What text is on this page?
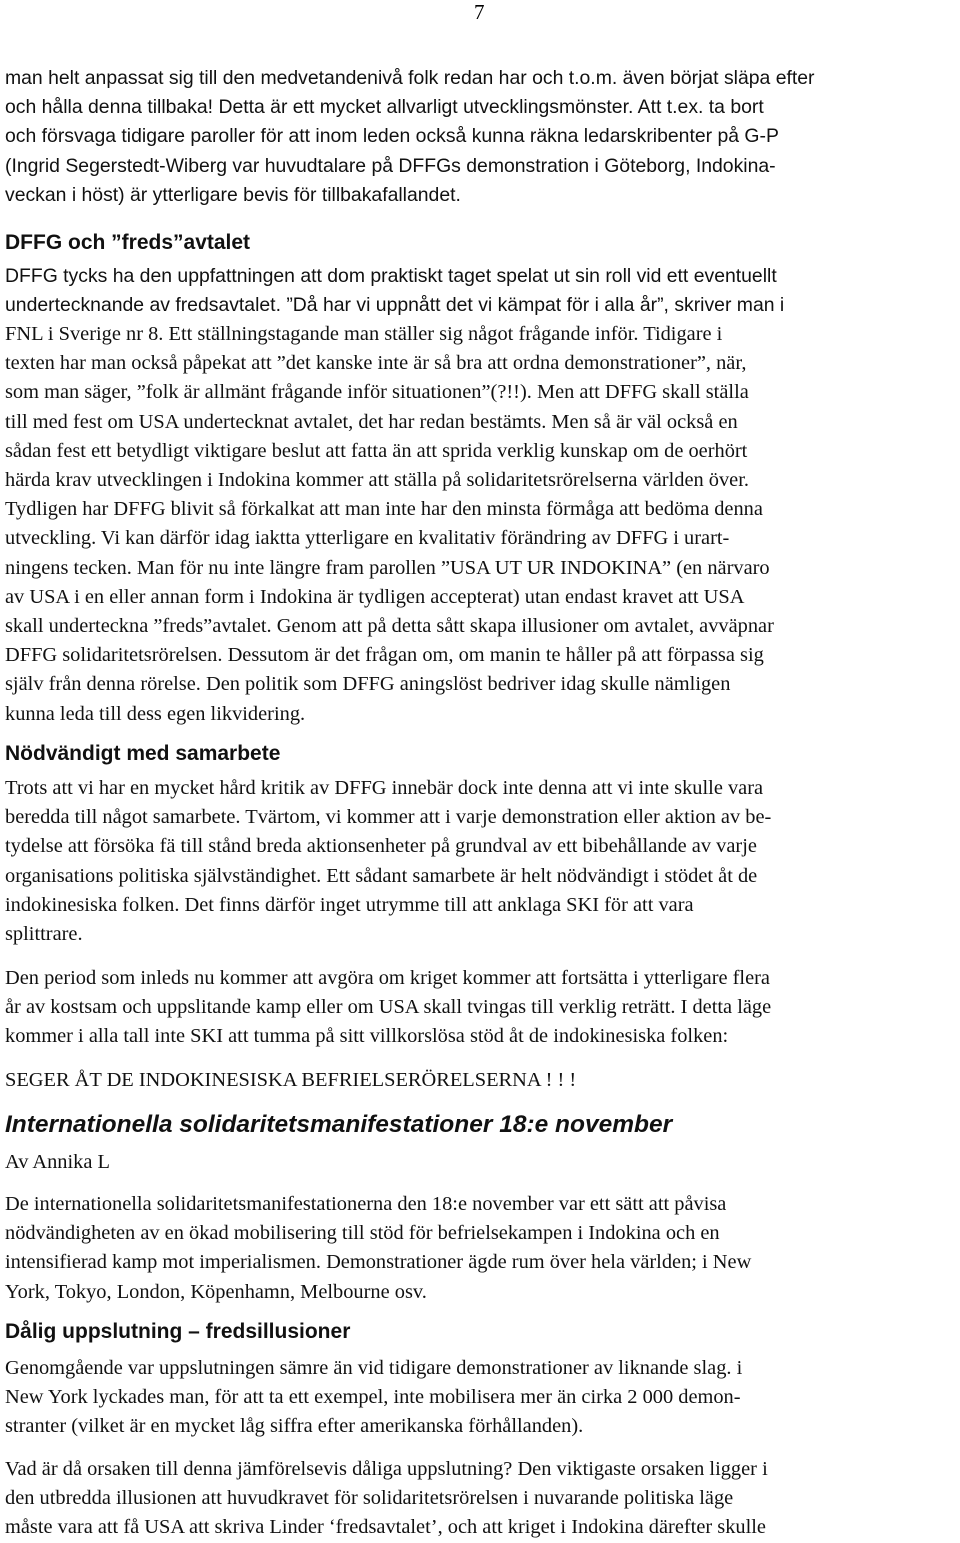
7
man helt anpassat sig till den medvetandenivå folk redan har och t.o.m. även börjat släpa efter
och hålla denna tillbaka! Detta är ett mycket allvarligt utvecklingsmönster. Att t.ex. ta bort
och försvaga tidigare paroller för att inom leden också kunna räkna ledarskribenter på G-P
(Ingrid Segerstedt-Wiberg var huvudtalare på DFFGs demonstration i Göteborg, Indokina-
veckan i höst) är ytterligare bevis för tillbakafallandet.
DFFG och ”freds”avtalet
DFFG tycks ha den uppfattningen att dom praktiskt taget spelat ut sin roll vid ett eventuellt
undertecknande av fredsavtalet. ”Då har vi uppnått det vi kämpat för i alla år”, skriver man i
FNL i Sverige nr 8. Ett ställningstagande man ställer sig något frågande inför. Tidigare i
texten har man också påpekat att ”det kanske inte är så bra att ordna demonstrationer”, när,
som man säger, ”folk är allmänt frågande inför situationen”(?!!). Men att DFFG skall ställa
till med fest om USA undertecknat avtalet, det har redan bestämts. Men så är väl också en
sådan fest ett betydligt viktigare beslut att fatta än att sprida verklig kunskap om de oerhört
härda krav utvecklingen i Indokina kommer att ställa på solidaritetsrörelserna världen över.
Tydligen har DFFG blivit så förkalkat att man inte har den minsta förmåga att bedöma denna
utveckling. Vi kan därför idag iaktta ytterligare en kvalitativ förändring av DFFG i urart-
ningens tecken. Man för nu inte längre fram parollen ”USA UT UR INDOKINA” (en närvaro
av USA i en eller annan form i Indokina är tydligen accepterat) utan endast kravet att USA
skall underteckna ”freds”avtalet. Genom att på detta sått skapa illusioner om avtalet, avväpnar
DFFG solidaritetsrörelsen. Dessutom är det frågan om, om manin te håller på att förpassa sig
själv från denna rörelse. Den politik som DFFG aningslöst bedriver idag skulle nämligen
kunna leda till dess egen likvidering.
Nödvändigt med samarbete
Trots att vi har en mycket hård kritik av DFFG innebär dock inte denna att vi inte skulle vara
beredda till något samarbete. Tvärtom, vi kommer att i varje demonstration eller aktion av be-
tydelse att försöka fä till stånd breda aktionsenheter på grundval av ett bibehållande av varje
organisations politiska självständighet. Ett sådant samarbete är helt nödvändigt i stödet åt de
indokinesiska folken. Det finns därför inget utrymme till att anklaga SKI för att vara
splittrare.
Den period som inleds nu kommer att avgöra om kriget kommer att fortsätta i ytterligare flera
år av kostsam och uppslitande kamp eller om USA skall tvingas till verklig reträtt. I detta läge
kommer i alla tall inte SKI att tumma på sitt villkorslösa stöd åt de indokinesiska folken:
SEGER ÅT DE INDOKINESISKA BEFRIELSERÖRELSERNA ! ! !
Internationella solidaritetsmanifestationer 18:e november
Av Annika L
De internationella solidaritetsmanifestationerna den 18:e november var ett sätt att påvisa
nödvändigheten av en ökad mobilisering till stöd för befrielsekampen i Indokina och en
intensifierad kamp mot imperialismen. Demonstrationer ägde rum över hela världen; i New
York, Tokyo, London, Köpenhamn, Melbourne osv.
Dålig uppslutning – fredsillusioner
Genomgående var uppslutningen sämre än vid tidigare demonstrationer av liknande slag. i
New York lyckades man, för att ta ett exempel, inte mobilisera mer än cirka 2 000 demon-
stranter (vilket är en mycket låg siffra efter amerikanska förhållanden).
Vad är då orsaken till denna jämförelsevis dåliga uppslutning? Den viktigaste orsaken ligger i
den utbredda illusionen att huvudkravet för solidaritetsrörelsen i nuvarande politiska läge
måste vara att få USA att skriva Linder ‘fredsavtalet’, och att kriget i Indokina därefter skulle
